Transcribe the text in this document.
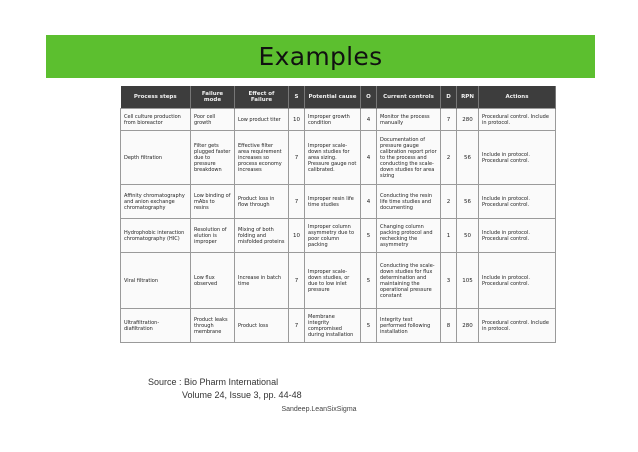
Examples
Process steps	Failure mode	Effect of Failure	S	Potential cause	O	Current controls	D	RPN	Actions
Cell culture production from bioreactor	Poor cell growth	Low product titer	10	Improper growth condition	4	Monitor the process manually	7	280	Procedural control. Include in protocol.
Depth filtration	Filter gets plugged faster due to pressure breakdown	Effective filter area requirement increases so process economy increases	7	Improper scale-down studies for area sizing. Pressure gauge not calibrated.	4	Documentation of pressure gauge calibration report prior to the process and conducting the scale-down studies for area sizing	2	56	Include in protocol. Procedural control.
Affinity chromatography and anion exchange chromatography	Low binding of mAbs to resins	Product loss in flow through	7	Improper resin life time studies	4	Conducting the resin life time studies and documenting	2	56	Include in protocol. Procedural control.
Hydrophobic interaction chromatography (HIC)	Resolution of elution is improper	Mixing of both folding and misfolded proteins	10	Improper column asymmetry due to poor column packing	5	Changing column packing protocol and rechecking the asymmetry	1	50	Include in protocol. Procedural control.
Viral filtration	Low flux observed	Increase in batch time	7	Improper scale-down studies, or due to low inlet pressure	5	Conducting the scale-down studies for flux determination and maintaining the operational pressure constant	3	105	Include in protocol. Procedural control.
Ultrafiltration-diafiltration	Product leaks through membrane	Product loss	7	Membrane integrity compromised during installation	5	Integrity test performed following installation	8	280	Procedural control. Include in protocol.
Source : Bio Pharm International
Volume 24, Issue 3, pp. 44-48
Sandeep.LeanSixSigma
